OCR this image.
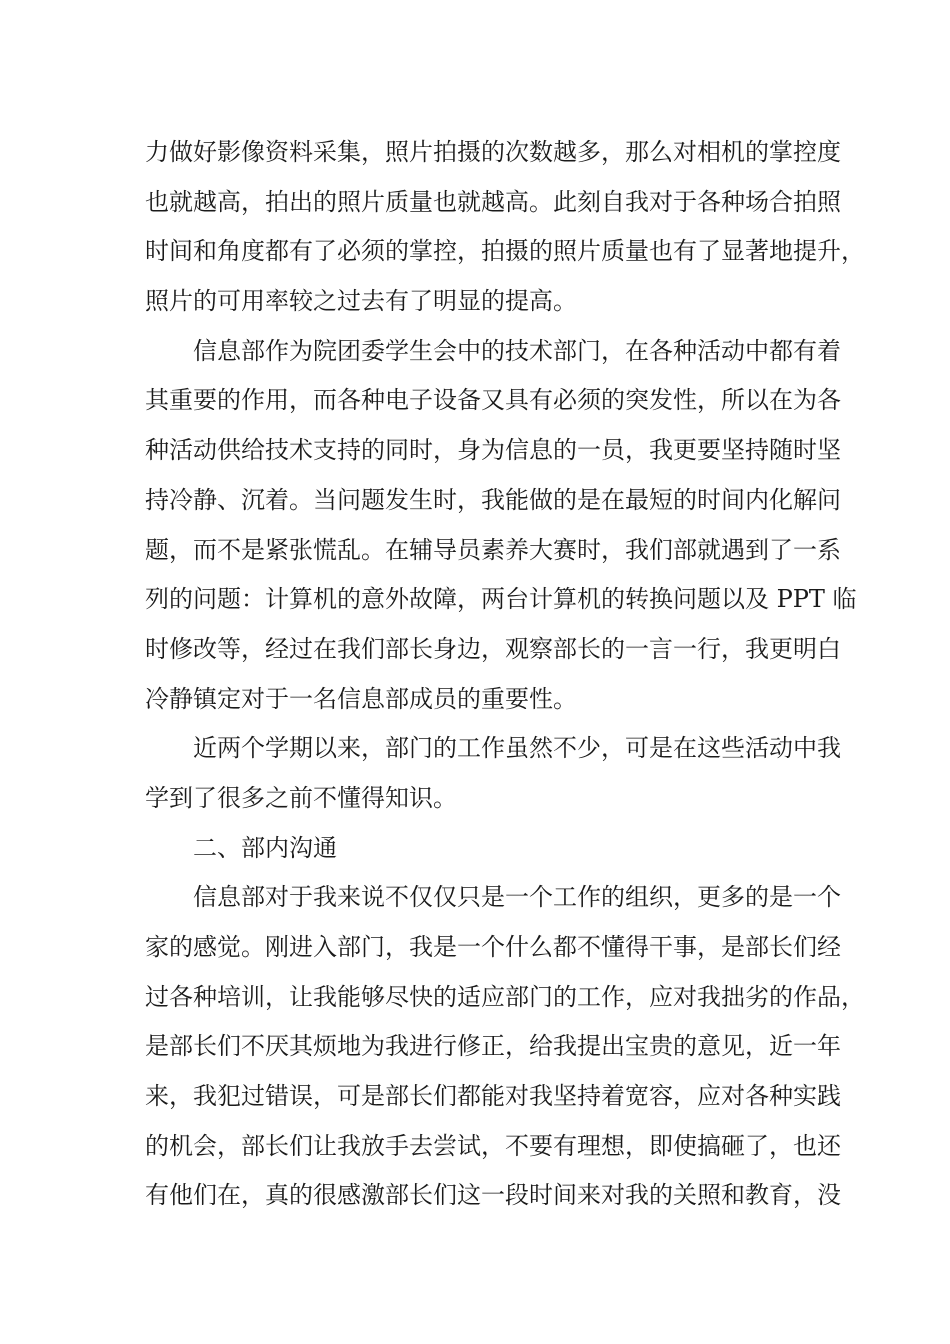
力做好影像资料采集，照片拍摄的次数越多，那么对相机的掌控度
也就越高，拍出的照片质量也就越高。此刻自我对于各种场合拍照
时间和角度都有了必须的掌控，拍摄的照片质量也有了显著地提升，
照片的可用率较之过去有了明显的提高。
信息部作为院团委学生会中的技术部门，在各种活动中都有着
其重要的作用，而各种电子设备又具有必须的突发性，所以在为各
种活动供给技术支持的同时，身为信息的一员，我更要坚持随时坚
持冷静、沉着。当问题发生时，我能做的是在最短的时间内化解问
题，而不是紧张慌乱。在辅导员素养大赛时，我们部就遇到了一系
列的问题：计算机的意外故障，两台计算机的转换问题以及 PPT 临
时修改等，经过在我们部长身边，观察部长的一言一行，我更明白
冷静镇定对于一名信息部成员的重要性。
近两个学期以来，部门的工作虽然不少，可是在这些活动中我
学到了很多之前不懂得知识。
二、部内沟通
信息部对于我来说不仅仅只是一个工作的组织，更多的是一个
家的感觉。刚进入部门，我是一个什么都不懂得干事，是部长们经
过各种培训，让我能够尽快的适应部门的工作，应对我拙劣的作品，
是部长们不厌其烦地为我进行修正，给我提出宝贵的意见，近一年
来，我犯过错误，可是部长们都能对我坚持着宽容，应对各种实践
的机会，部长们让我放手去尝试，不要有理想，即使搞砸了，也还
有他们在，真的很感激部长们这一段时间来对我的关照和教育，没
